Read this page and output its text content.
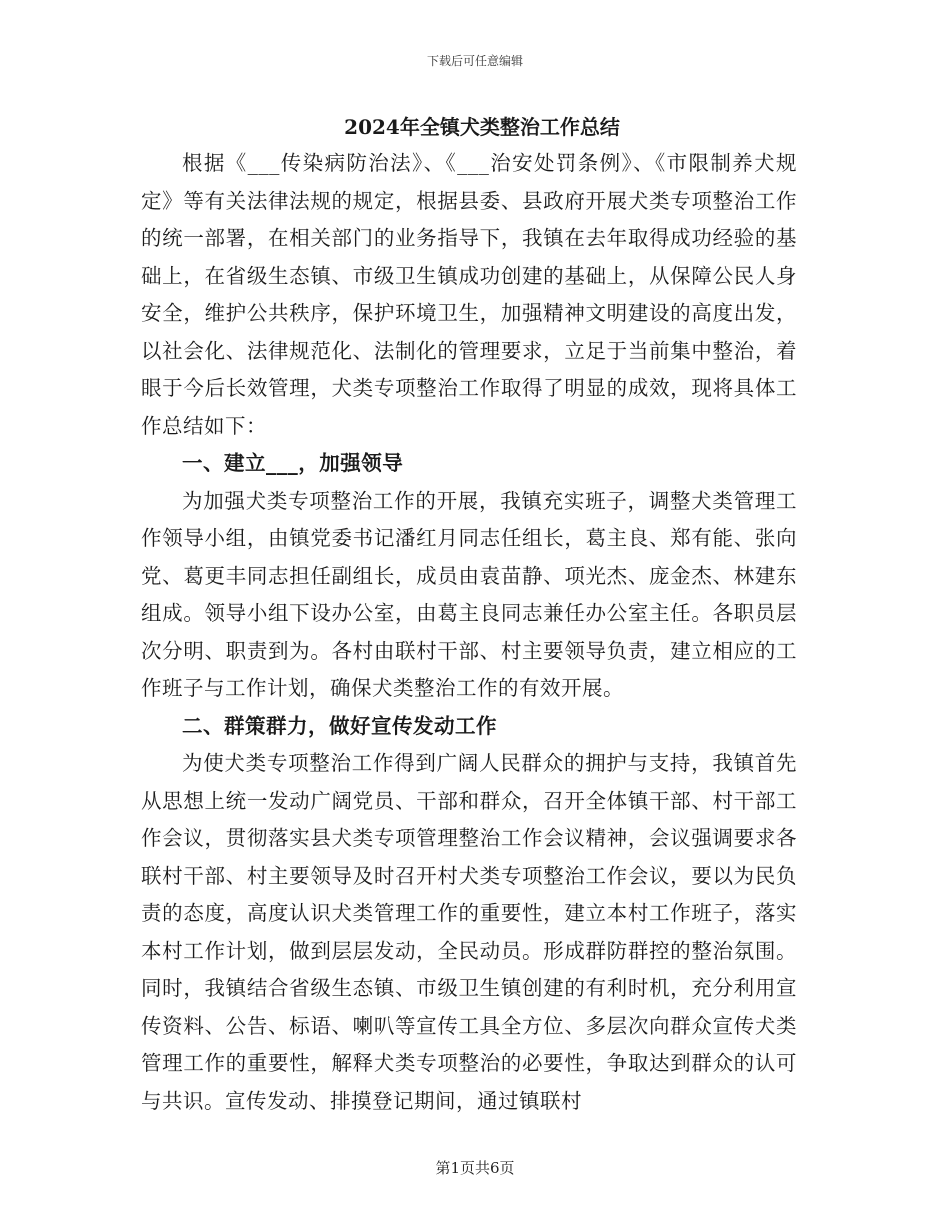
下载后可任意编辑
2024年全镇犬类整治工作总结

根据《___传染病防治法》、《___治安处罚条例》、《市限制养犬规定》等有关法律法规的规定，根据县委、县政府开展犬类专项整治工作的统一部署，在相关部门的业务指导下，我镇在去年取得成功经验的基础上，在省级生态镇、市级卫生镇成功创建的基础上，从保障公民人身安全，维护公共秩序，保护环境卫生，加强精神文明建设的高度出发，以社会化、法律规范化、法制化的管理要求，立足于当前集中整治，着眼于今后长效管理，犬类专项整治工作取得了明显的成效，现将具体工作总结如下：

一、建立___，加强领导

为加强犬类专项整治工作的开展，我镇充实班子，调整犬类管理工作领导小组，由镇党委书记潘红月同志任组长，葛主良、郑有能、张向党、葛更丰同志担任副组长，成员由袁苗静、项光杰、庞金杰、林建东组成。领导小组下设办公室，由葛主良同志兼任办公室主任。各职员层次分明、职责到为。各村由联村干部、村主要领导负责，建立相应的工作班子与工作计划，确保犬类整治工作的有效开展。

二、群策群力，做好宣传发动工作

为使犬类专项整治工作得到广阔人民群众的拥护与支持，我镇首先从思想上统一发动广阔党员、干部和群众，召开全体镇干部、村干部工作会议，贯彻落实县犬类专项管理整治工作会议精神，会议强调要求各联村干部、村主要领导及时召开村犬类专项整治工作会议，要以为民负责的态度，高度认识犬类管理工作的重要性，建立本村工作班子，落实本村工作计划，做到层层发动，全民动员。形成群防群控的整治氛围。同时，我镇结合省级生态镇、市级卫生镇创建的有利时机，充分利用宣传资料、公告、标语、喇叭等宣传工具全方位、多层次向群众宣传犬类管理工作的重要性，解释犬类专项整治的必要性，争取达到群众的认可与共识。宣传发动、排摸登记期间，通过镇联村

第1页共6页
